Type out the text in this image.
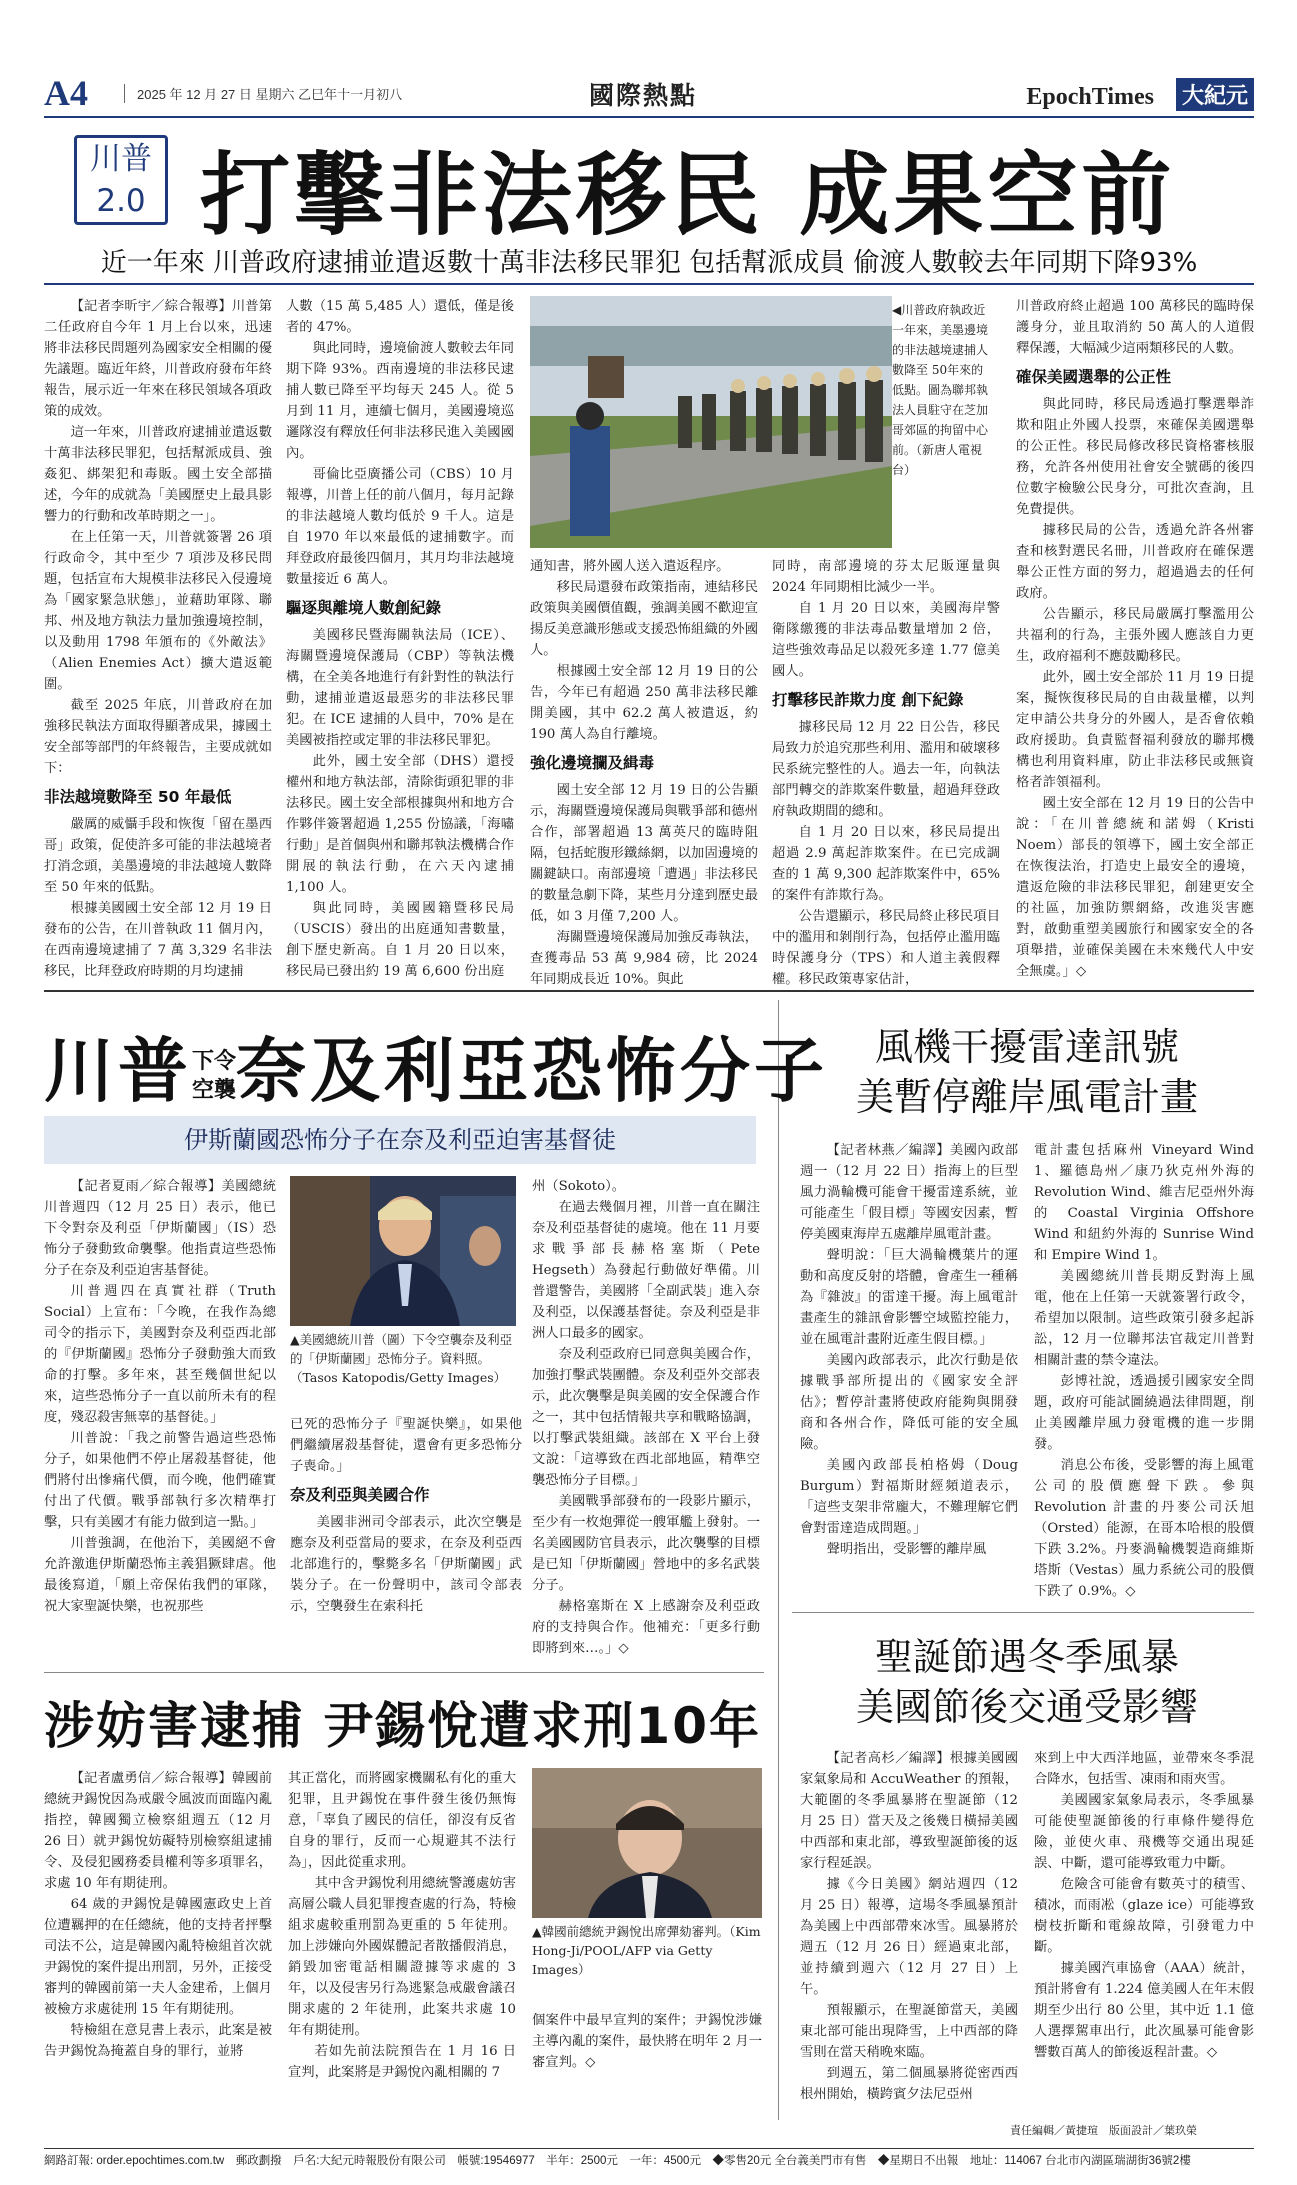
A4	2025 年 12 月 27 日 星期六 乙巳年十一月初八	國際熱點	EpochTimes 大紀元
川普
2.0 打擊非法移民 成果空前
近一年來 川普政府逮捕並遣返數十萬非法移民罪犯 包括幫派成員 偷渡人數較去年同期下降93%

【記者李昕宇／綜合報導】川普第二任政府自今年 1 月上台以來，迅速將非法移民問題列為國家安全相關的優先議題。臨近年終，川普政府發布年終報告，展示近一年來在移民領域各項政策的成效。

這一年來，川普政府逮捕並遣返數十萬非法移民罪犯，包括幫派成員、強姦犯、綁架犯和毒販。國土安全部描述，今年的成就為「美國歷史上最具影響力的行動和改革時期之一」。

在上任第一天，川普就簽署 26 項行政命令，其中至少 7 項涉及移民問題，包括宣布大規模非法移民入侵邊境為「國家緊急狀態」，並藉助軍隊、聯邦、州及地方執法力量加強邊境控制，以及動用 1798 年頒布的《外敵法》（Alien Enemies Act）擴大遣返範圍。

截至 2025 年底，川普政府在加強移民執法方面取得顯著成果，據國土安全部等部門的年終報告，主要成就如下：

非法越境數降至 50 年最低

嚴厲的威懾手段和恢復「留在墨西哥」政策，促使許多可能的非法越境者打消念頭，美墨邊境的非法越境人數降至 50 年來的低點。

根據美國國土安全部 12 月 19 日發布的公告，在川普執政 11 個月內，在西南邊境逮捕了 7 萬 3,329 名非法移民，比拜登政府時期的月均逮捕

人數（15 萬 5,485 人）還低，僅是後者的 47%。

與此同時，邊境偷渡人數較去年同期下降 93%。西南邊境的非法移民逮捕人數已降至平均每天 245 人。從 5 月到 11 月，連續七個月，美國邊境巡邏隊沒有釋放任何非法移民進入美國國內。

哥倫比亞廣播公司（CBS）10 月報導，川普上任的前八個月，每月記錄的非法越境人數均低於 9 千人。這是自 1970 年以來最低的逮捕數字。而拜登政府最後四個月，其月均非法越境數量接近 6 萬人。

驅逐與離境人數創紀錄

美國移民暨海關執法局（ICE）、海關暨邊境保護局（CBP）等執法機構，在全美各地進行有針對性的執法行動，逮捕並遣返最惡劣的非法移民罪犯。在 ICE 逮捕的人員中，70% 是在美國被指控或定罪的非法移民罪犯。

此外，國土安全部（DHS）還授權州和地方執法部，清除街頭犯罪的非法移民。國土安全部根據與州和地方合作夥伴簽署超過 1,255 份協議，「海嘯行動」是首個與州和聯邦執法機構合作開展的執法行動，在六天內逮捕 1,100 人。

與此同時，美國國籍暨移民局（USCIS）發出的出庭通知書數量，創下歷史新高。自 1 月 20 日以來，移民局已發出約 19 萬 6,600 份出庭

◀川普政府執政近一年來，美墨邊境的非法越境逮捕人數降至 50年來的低點。圖為聯邦執法人員駐守在芝加哥郊區的拘留中心前。（新唐人電視台）

通知書，將外國人送入遣返程序。

移民局還發布政策指南，連結移民政策與美國價值觀，強調美國不歡迎宣揚反美意識形態或支援恐怖組織的外國人。

根據國土安全部 12 月 19 日的公告，今年已有超過 250 萬非法移民離開美國，其中 62.2 萬人被遣返，約 190 萬人為自行離境。

強化邊境攔及緝毒

國土安全部 12 月 19 日的公告顯示，海關暨邊境保護局與戰爭部和德州合作，部署超過 13 萬英尺的臨時阻隔，包括蛇腹形鐵絲網，以加固邊境的關鍵缺口。南部邊境「遭遇」非法移民的數量急劇下降，某些月分達到歷史最低，如 3 月僅 7,200 人。

海關暨邊境保護局加強反毒執法，查獲毒品 53 萬 9,984 磅，比 2024 年同期成長近 10%。與此

同時，南部邊境的芬太尼販運量與 2024 年同期相比減少一半。

自 1 月 20 日以來，美國海岸警衛隊繳獲的非法毒品數量增加 2 倍，這些強效毒品足以殺死多達 1.77 億美國人。

打擊移民詐欺力度 創下紀錄

據移民局 12 月 22 日公告，移民局致力於追究那些利用、濫用和破壞移民系統完整性的人。過去一年，向執法部門轉交的詐欺案件數量，超過拜登政府執政期間的總和。

自 1 月 20 日以來，移民局提出超過 2.9 萬起詐欺案件。在已完成調查的 1 萬 9,300 起詐欺案件中，65% 的案件有詐欺行為。

公告還顯示，移民局終止移民項目中的濫用和剝削行為，包括停止濫用臨時保護身分（TPS）和人道主義假釋權。移民政策專家估計，

川普政府終止超過 100 萬移民的臨時保護身分，並且取消約 50 萬人的人道假釋保護，大幅減少這兩類移民的人數。

確保美國選舉的公正性

與此同時，移民局透過打擊選舉詐欺和阻止外國人投票，來確保美國選舉的公正性。移民局修改移民資格審核服務，允許各州使用社會安全號碼的後四位數字檢驗公民身分，可批次查詢，且免費提供。

據移民局的公告，透過允許各州審查和核對選民名冊，川普政府在確保選舉公正性方面的努力，超過過去的任何政府。

公告顯示，移民局嚴厲打擊濫用公共福利的行為，主張外國人應該自力更生，政府福利不應鼓勵移民。

此外，國土安全部於 11 月 19 日提案，擬恢復移民局的自由裁量權，以判定申請公共身分的外國人，是否會依賴政府援助。負責監督福利發放的聯邦機構也利用資料庫，防止非法移民或無資格者詐領福利。

國土安全部在 12 月 19 日的公告中說：「在川普總統和諾姆（Kristi Noem）部長的領導下，國土安全部正在恢復法治，打造史上最安全的邊境，遣返危險的非法移民罪犯，創建更安全的社區，加強防禦網絡，改進災害應對，啟動重塑美國旅行和國家安全的各項舉措，並確保美國在未來幾代人中安全無虞。」◇

川普 下令
空襲 奈及利亞恐怖分子
伊斯蘭國恐怖分子在奈及利亞迫害基督徒

【記者夏雨／綜合報導】美國總統川普週四（12 月 25 日）表示，他已下令對奈及利亞「伊斯蘭國」（IS）恐怖分子發動致命襲擊。他指責這些恐怖分子在奈及利亞迫害基督徒。

川普週四在真實社群（Truth Social）上宣布：「今晚，在我作為總司令的指示下，美國對奈及利亞西北部的『伊斯蘭國』恐怖分子發動強大而致命的打擊。多年來，甚至幾個世紀以來，這些恐怖分子一直以前所未有的程度，殘忍殺害無辜的基督徒。」

川普說：「我之前警告過這些恐怖分子，如果他們不停止屠殺基督徒，他們將付出慘痛代價，而今晚，他們確實付出了代價。戰爭部執行多次精準打擊，只有美國才有能力做到這一點。」

川普強調，在他治下，美國絕不會允許激進伊斯蘭恐怖主義猖獗肆虐。他最後寫道，「願上帝保佑我們的軍隊，祝大家聖誕快樂，也祝那些

▲美國總統川普（圖）下令空襲奈及利亞的「伊斯蘭國」恐怖分子。資料照。（Tasos Katopodis/Getty Images）

已死的恐怖分子『聖誕快樂』，如果他們繼續屠殺基督徒，還會有更多恐怖分子喪命。」

奈及利亞與美國合作

美國非洲司令部表示，此次空襲是應奈及利亞當局的要求，在奈及利亞西北部進行的，擊斃多名「伊斯蘭國」武裝分子。在一份聲明中，該司令部表示，空襲發生在索科托

州（Sokoto）。

在過去幾個月裡，川普一直在關注奈及利亞基督徒的處境。他在 11 月要求戰爭部長赫格塞斯（Pete Hegseth）為發起行動做好準備。川普還警告，美國將「全副武裝」進入奈及利亞，以保護基督徒。奈及利亞是非洲人口最多的國家。

奈及利亞政府已同意與美國合作，加強打擊武裝團體。奈及利亞外交部表示，此次襲擊是與美國的安全保護合作之一，其中包括情報共享和戰略協調，以打擊武裝組織。該部在 X 平台上發文說：「這導致在西北部地區，精準空襲恐怖分子目標。」

美國戰爭部發布的一段影片顯示，至少有一枚炮彈從一艘軍艦上發射。一名美國國防官員表示，此次襲擊的目標是已知「伊斯蘭國」營地中的多名武裝分子。

赫格塞斯在 X 上感謝奈及利亞政府的支持與合作。他補充：「更多行動即將到來…。」◇

風機干擾雷達訊號
美暫停離岸風電計畫

【記者林燕／編譯】美國內政部週一（12 月 22 日）指海上的巨型風力渦輪機可能會干擾雷達系統，並可能產生「假目標」等國安因素，暫停美國東海岸五處離岸風電計畫。

聲明說：「巨大渦輪機葉片的運動和高度反射的塔體，會產生一種稱為『雜波』的雷達干擾。海上風電計畫產生的雜訊會影響空域監控能力，並在風電計畫附近產生假目標。」

美國內政部表示，此次行動是依據戰爭部所提出的《國家安全評估》；暫停計畫將使政府能夠與開發商和各州合作，降低可能的安全風險。

美國內政部長柏格姆（Doug Burgum）對福斯財經頻道表示，「這些支架非常龐大，不難理解它們會對雷達造成問題。」

聲明指出，受影響的離岸風

電計畫包括麻州 Vineyard Wind 1、羅德島州／康乃狄克州外海的 Revolution Wind、維吉尼亞州外海的 Coastal Virginia Offshore Wind 和紐約外海的 Sunrise Wind 和 Empire Wind 1。

美國總統川普長期反對海上風電，他在上任第一天就簽署行政令，希望加以限制。這些政策引發多起訴訟，12 月一位聯邦法官裁定川普對相關計畫的禁令違法。

彭博社說，透過援引國家安全問題，政府可能試圖繞過法律問題，削止美國離岸風力發電機的進一步開發。

消息公布後，受影響的海上風電公司的股價應聲下跌。參與 Revolution 計畫的丹麥公司沃旭（Orsted）能源，在哥本哈根的股價下跌 3.2%。丹麥渦輪機製造商維斯塔斯（Vestas）風力系統公司的股價下跌了 0.9%。◇

聖誕節遇冬季風暴
美國節後交通受影響

【記者高杉／編譯】根據美國國家氣象局和 AccuWeather 的預報，大範圍的冬季風暴將在聖誕節（12 月 25 日）當天及之後幾日橫掃美國中西部和東北部，導致聖誕節後的返家行程延誤。

據《今日美國》網站週四（12 月 25 日）報導，這場冬季風暴預計為美國上中西部帶來冰雪。風暴將於週五（12 月 26 日）經過東北部，並持續到週六（12 月 27 日）上午。

預報顯示，在聖誕節當天，美國東北部可能出現降雪，上中西部的降雪則在當天稍晚來臨。

到週五，第二個風暴將從密西西根州開始，橫跨賓夕法尼亞州

來到上中大西洋地區，並帶來冬季混合降水，包括雪、凍雨和雨夾雪。

美國國家氣象局表示，冬季風暴可能使聖誕節後的行車條件變得危險，並使火車、飛機等交通出現延誤、中斷，還可能導致電力中斷。

危險含可能會有數英寸的積雪、積冰，而雨凇（glaze ice）可能導致樹枝折斷和電線故障，引發電力中斷。

據美國汽車協會（AAA）統計，預計將會有 1.224 億美國人在年末假期至少出行 80 公里，其中近 1.1 億人選擇駕車出行，此次風暴可能會影響數百萬人的節後返程計畫。◇

責任編輯／黃捷瑄　版面設計／葉玖榮
涉妨害逮捕 尹錫悅遭求刑10年

【記者盧勇信／綜合報導】韓國前總統尹錫悅因為戒嚴令風波而面臨內亂指控，韓國獨立檢察組週五（12 月 26 日）就尹錫悅妨礙特別檢察組逮捕令、及侵犯國務委員權利等多項罪名，求處 10 年有期徒刑。

64 歲的尹錫悅是韓國憲政史上首位遭羈押的在任總統，他的支持者抨擊司法不公，這是韓國內亂特檢組首次就尹錫悅的案件提出刑罰，另外，正接受審判的韓國前第一夫人金建希，上個月被檢方求處徒刑 15 年有期徒刑。

特檢組在意見書上表示，此案是被告尹錫悅為掩蓋自身的罪行，並將

其正當化，而將國家機關私有化的重大犯罪，且尹錫悅在事件發生後仍無悔意，「辜負了國民的信任，卻沒有反省自身的罪行，反而一心規避其不法行為」，因此從重求刑。

其中含尹錫悅利用總統警護處妨害高層公職人員犯罪搜查處的行為，特檢組求處較重刑罰為更重的 5 年徒刑。加上涉嫌向外國媒體記者散播假消息，銷毀加密電話相關證據等求處的 3 年，以及侵害另行為逃緊急戒嚴會議召開求處的 2 年徒刑，此案共求處 10 年有期徒刑。

若如先前法院預告在 1 月 16 日宣判，此案將是尹錫悅內亂相關的 7

▲韓國前總統尹錫悅出席彈劾審判。（Kim Hong-Ji/POOL/AFP via Getty Images）

個案件中最早宣判的案件；尹錫悅涉嫌主導內亂的案件，最快將在明年 2 月一審宣判。◇

網路訂報: order.epochtimes.com.tw　郵政劃撥　戶名:大紀元時報股份有限公司　帳號:19546977　半年：2500元　一年：4500元　◆零售20元 全台義美門市有售　◆星期日不出報　地址：114067 台北市內湖區瑞湖街36號2樓
